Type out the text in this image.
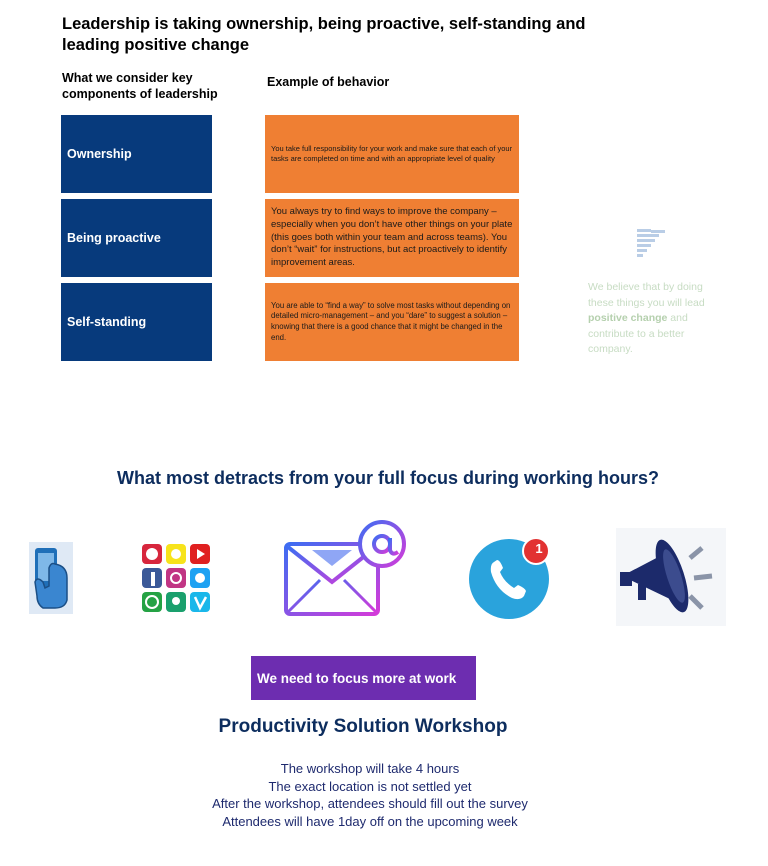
Leadership is taking ownership, being proactive, self-standing and leading positive change
What we consider key components of leadership
Example of behavior
Ownership
Being proactive
Self-standing
You take full responsibility for your work and make sure that each of your tasks are completed on time and with an appropriate level of quality
You always try to find ways to improve the company – especially when you don’t have other things on your plate (this goes both within your team and across teams). You don’t “wait” for instructions, but act proactively to identify improvement areas.
You are able to “find a way” to solve most tasks without depending on detailed micro-management – and you “dare” to suggest a solution – knowing that there is a good chance that it might be changed in the end.
We believe that by doing these things you will lead positive change and contribute to a better company.
What most detracts from your full focus during working hours?
1
We need to focus more at work
Productivity Solution Workshop
The workshop will take 4 hours
The exact location is not settled yet
After the workshop, attendees should fill out the survey
Attendees will have 1day off on the upcoming week
